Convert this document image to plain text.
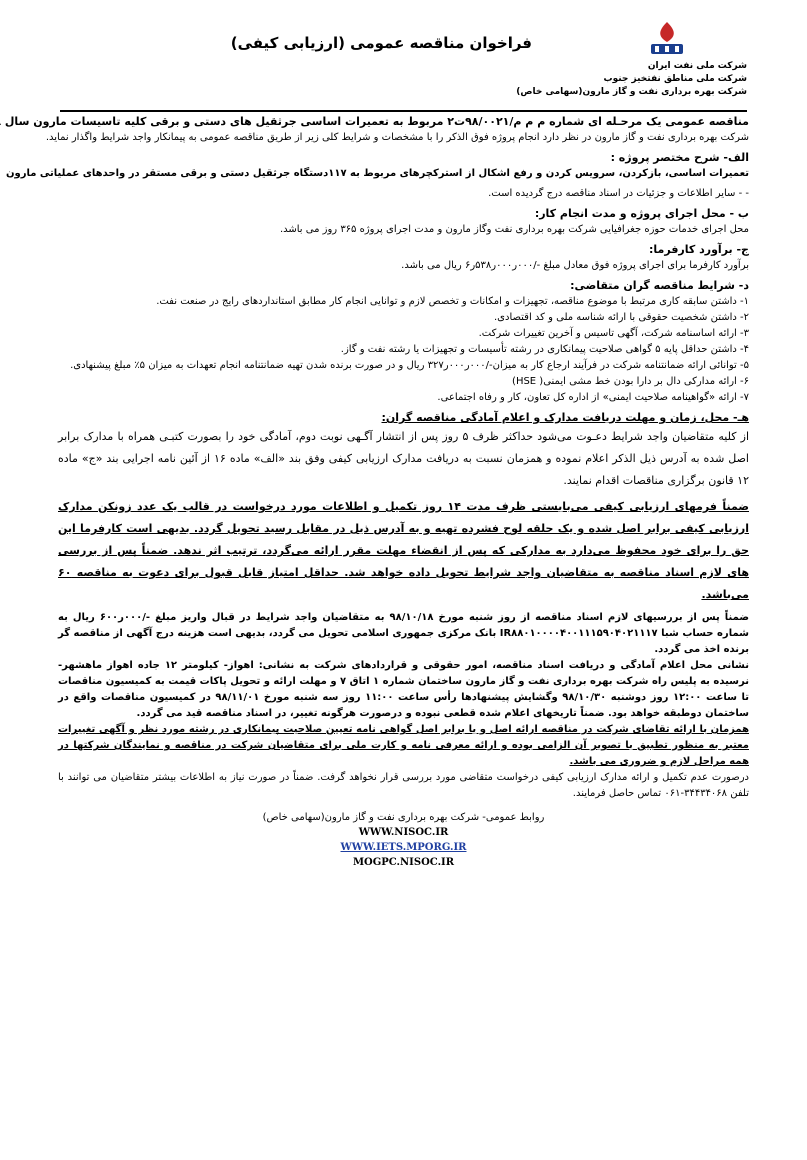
شرکت ملی نفت ایران
شرکت ملی مناطق نفتخیز جنوب
شرکت بهره برداری نفت و گاز مارون(سهامی خاص)
فراخوان مناقصه عمومی (ارزیابی کیفی)
مناقصه عمومی یک مرحـله ای شماره م م م/۹۸/۰۰۲۱ت۲ مربوط به تعمیرات اساسی جرثقیل های دستی و برقی کلیه تاسیسات مارون سال
شرکت بهره برداری نفت و گاز مارون در نظر دارد انجام پروژه فوق الذکر را با مشخصات و شرایط کلی زیر از طریق مناقصه عمومی به پیمانکار واجد شرایط واگذار نماید.
الف- شرح مختصر پروژه :
تعمیرات اساسی، بازکردن، سرویس کردن و رفع اشکال از استرکچرهای مربوط به ۱۱۷دستگاه جرثقیل دستی و برقی مستقر در واحدهای عملیاتی مارون
- - سایر اطلاعات و جزئیات در اسناد مناقصه درج گردیده است.
ب - محل اجرای پروژه و مدت انجام کار:
محل اجرای خدمات حوزه جغرافیایی شرکت بهره برداری نفت وگاز مارون و مدت اجرای پروژه ۳۶۵ روز می باشد.
ج- برآورد کارفرما:
برآورد کارفرما برای اجرای پروژه فوق معادل مبلغ -/۰۰۰ر۰۰۰ر۵۳۸ر۶ ریال می باشد.
د- شرایط مناقصه گران متقاضی:
۱- داشتن سابقه کاری مرتبط با موضوع مناقصه، تجهیزات و امکانات و تخصص لازم و توانایی انجام کار مطابق استانداردهای رایج در صنعت نفت.
۲- داشتن شخصیت حقوقی با ارائه شناسه ملی و کد اقتصادی.
۳- ارائه اساسنامه شرکت، آگهی تاسیس و آخرین تغییرات شرکت.
۴- داشتن حداقل پایه ۵ گواهی صلاحیت پیمانکاری در رشته تأسیسات و تجهیزات یا رشته نفت و گاز.
۵- توانائی ارائه ضمانتنامه شرکت در فرآیند ارجاع کار به میزان-/۰۰۰ر۰۰۰ر۳۲۷ ریال و در صورت برنده شدن تهیه ضمانتنامه انجام تعهدات به میزان ۵٪ مبلغ پیشنهادی.
۶- ارائه مدارکی دال بر دارا بودن خط مشی ایمنی( HSE)
۷- ارائه «گواهینامه صلاحیت ایمنی» از اداره کل تعاون، کار و رفاه اجتماعی.
هـ- محل، زمان و مهلت دریافت مدارک و اعلام آمادگی مناقصه گران:
از کلیه متقاضیان واجد شرایط دعـوت می‌شود حداکثر ظرف ۵ روز پس از انتشار آگـهی نوبت دوم، آمادگی خود را بصورت کتبـی همراه با مدارک برابر اصل شده به آدرس ذیل الذکر اعلام نموده و همزمان نسبت به دریافت مدارک ارزیابی کیفی وفق بند «الف» ماده ۱۶ از آئین نامه اجرایی بند «ج» ماده ۱۲ قانون برگزاری مناقصات اقدام نمایند.
ضمناً فرمهای ارزیابی کیفی می‌بایستی ظرف مدت ۱۴ روز تکمیل و اطلاعات مورد درخواست در قالب یک عدد زونکن مدارک ارزیابی کیفی برابر اصل شده و یک حلقه لوح فشرده تهیه و به آدرس ذیل در مقابل رسید تحویل گردد. بدیهی است کارفرما این حق را برای خود محفوظ می‌دارد به مدارکی که پس از انقضاء مهلت مقرر ارائه می‌گردد، ترتیب اثر ندهد. ضمناً پس از بررسی های لازم اسناد مناقصه به متقاضیان واجد شرایط تحویل داده خواهد شد. حداقل امتیاز قابل قبول برای دعوت به مناقصه ۶۰ می‌باشد.
ضمناً پس از بررسیهای لازم اسناد مناقصه از روز شنبه مورخ ۹۸/۱۰/۱۸ به متقاضیان واجد شرایط در قبال واریز مبلغ -/۰۰۰ر۶۰۰ ریال به شماره حساب شبا IR۸۸۰۱۰۰۰۰۴۰۰۱۱۱۵۹۰۴۰۲۱۱۱۷ بانک مرکزی جمهوری اسلامی تحویل می گردد، بدیهی است هزینه درج آگهی از مناقصه گر برنده اخذ می گردد.
نشانی محل اعلام آمادگی و دریافت اسناد مناقصه، امور حقوقی و قراردادهای شرکت به نشانی: اهواز- کیلومتر ۱۲ جاده اهواز ماهشهر- نرسیده به پلیس راه شرکت بهره برداری نفت و گاز مارون ساختمان شماره ۱ اتاق ۷ و مهلت ارائه و تحویل پاکات قیمت به کمیسیون مناقصات تا ساعت ۱۲:۰۰ روز دوشنبه ۹۸/۱۰/۳۰ وگشایش پیشنهادها رأس ساعت ۱۱:۰۰ روز سه شنبه مورخ ۹۸/۱۱/۰۱ در کمیسیون مناقصات واقع در ساختمان دوطبقه خواهد بود. ضمناً تاریخهای اعلام شده قطعی نبوده و درصورت هرگونه تغییر، در اسناد مناقصه قید می گردد.
همزمان با ارائه تقاضای شرکت در مناقصه ارائه اصل و یا برابر اصل گواهی نامه تعیین صلاحیت پیمانکاری در رشته مورد نظر و آگهی تغییرات معتبر به منظور تطبیق با تصویر آن الزامی بوده و ارائه معرفی نامه و کارت ملی برای متقاضیان شرکت در مناقصه و نمایندگان شرکتها در همه مراحل لازم و ضروری می باشد.
درصورت عدم تکمیل و ارائه مدارک ارزیابی کیفی درخواست متقاضی مورد بررسی قرار نخواهد گرفت. ضمناً در صورت نیاز به اطلاعات بیشتر متقاضیان می توانند با تلفن ۳۴۴۳۴۰۶۸-۰۶۱ تماس حاصل فرمایند.
روابط عمومی- شرکت بهره برداری نفت و گاز مارون(سهامی خاص)
WWW.NISOC.IR
WWW.IETS.MPORG.IR
MOGPC.NISOC.IR
